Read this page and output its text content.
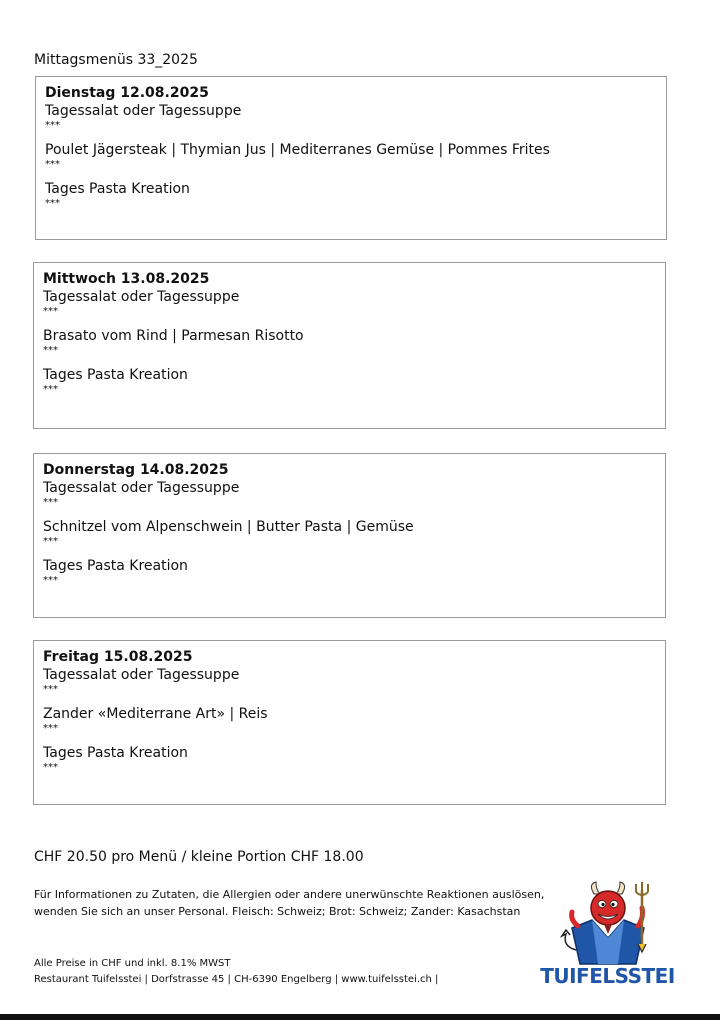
Mittagsmenüs 33_2025
Dienstag 12.08.2025
Tagessalat oder Tagessuppe
***
Poulet Jägersteak | Thymian Jus | Mediterranes Gemüse | Pommes Frites
***
Tages Pasta Kreation
***
Mittwoch 13.08.2025
Tagessalat oder Tagessuppe
***
Brasato vom Rind | Parmesan Risotto
***
Tages Pasta Kreation
***
Donnerstag 14.08.2025
Tagessalat oder Tagessuppe
***
Schnitzel vom Alpenschwein | Butter Pasta | Gemüse
***
Tages Pasta Kreation
***
Freitag 15.08.2025
Tagessalat oder Tagessuppe
***
Zander «Mediterrane Art» | Reis
***
Tages Pasta Kreation
***
CHF 20.50 pro Menü / kleine Portion CHF 18.00
Für Informationen zu Zutaten, die Allergien oder andere unerwünschte Reaktionen auslösen,
wenden Sie sich an unser Personal. Fleisch: Schweiz; Brot: Schweiz; Zander: Kasachstan
Alle Preise in CHF und inkl. 8.1% MWST
Restaurant Tuifelsstei | Dorfstrasse 45 | CH-6390 Engelberg | www.tuifelsstei.ch |	TUIFELSSTEI
